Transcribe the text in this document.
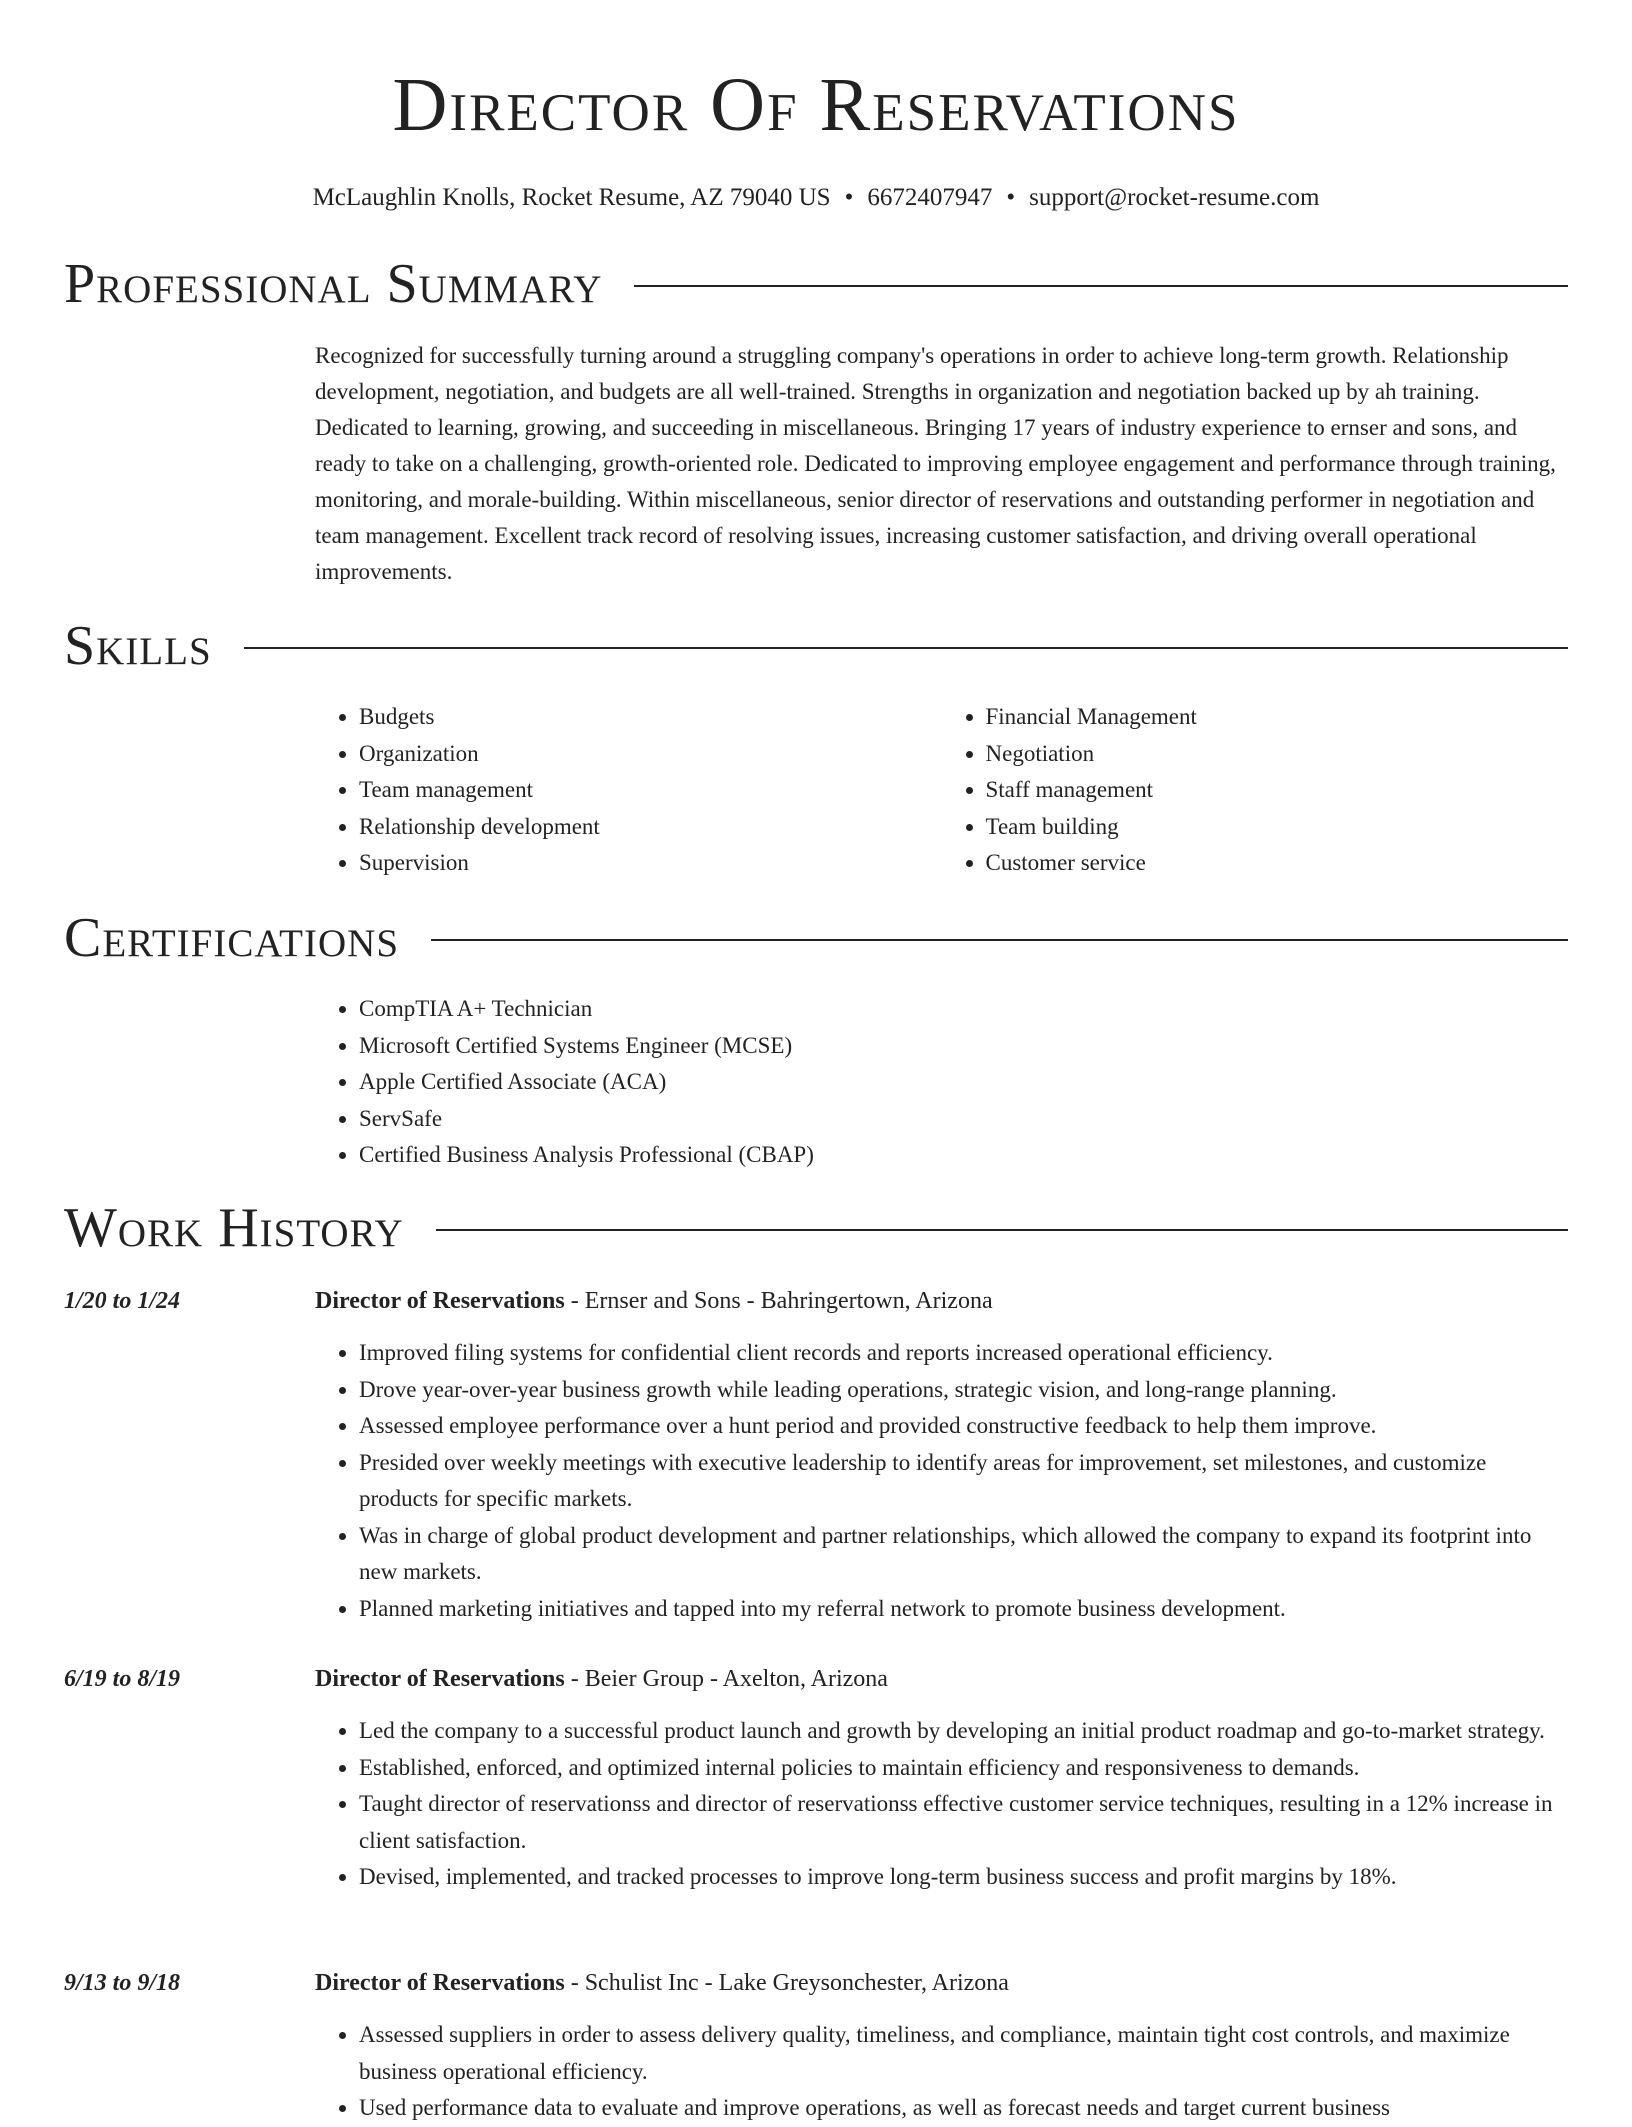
Director Of Reservations
McLaughlin Knolls, Rocket Resume, AZ 79040 US • 6672407947 • support@rocket-resume.com
Professional Summary
Recognized for successfully turning around a struggling company's operations in order to achieve long-term growth. Relationship development, negotiation, and budgets are all well-trained. Strengths in organization and negotiation backed up by ah training. Dedicated to learning, growing, and succeeding in miscellaneous. Bringing 17 years of industry experience to ernser and sons, and ready to take on a challenging, growth-oriented role. Dedicated to improving employee engagement and performance through training, monitoring, and morale-building. Within miscellaneous, senior director of reservations and outstanding performer in negotiation and team management. Excellent track record of resolving issues, increasing customer satisfaction, and driving overall operational improvements.
Skills
• Budgets
• Organization
• Team management
• Relationship development
• Supervision
• Financial Management
• Negotiation
• Staff management
• Team building
• Customer service
Certifications
• CompTIA A+ Technician
• Microsoft Certified Systems Engineer (MCSE)
• Apple Certified Associate (ACA)
• ServSafe
• Certified Business Analysis Professional (CBAP)
Work History
1/20 to 1/24	Director of Reservations - Ernser and Sons - Bahringertown, Arizona
• Improved filing systems for confidential client records and reports increased operational efficiency.
• Drove year-over-year business growth while leading operations, strategic vision, and long-range planning.
• Assessed employee performance over a hunt period and provided constructive feedback to help them improve.
• Presided over weekly meetings with executive leadership to identify areas for improvement, set milestones, and customize products for specific markets.
• Was in charge of global product development and partner relationships, which allowed the company to expand its footprint into new markets.
• Planned marketing initiatives and tapped into my referral network to promote business development.
6/19 to 8/19	Director of Reservations - Beier Group - Axelton, Arizona
• Led the company to a successful product launch and growth by developing an initial product roadmap and go-to-market strategy.
• Established, enforced, and optimized internal policies to maintain efficiency and responsiveness to demands.
• Taught director of reservationss and director of reservationss effective customer service techniques, resulting in a 12% increase in client satisfaction.
• Devised, implemented, and tracked processes to improve long-term business success and profit margins by 18%.
9/13 to 9/18	Director of Reservations - Schulist Inc - Lake Greysonchester, Arizona
• Assessed suppliers in order to assess delivery quality, timeliness, and compliance, maintain tight cost controls, and maximize business operational efficiency.
• Used performance data to evaluate and improve operations, as well as forecast needs and target current business
